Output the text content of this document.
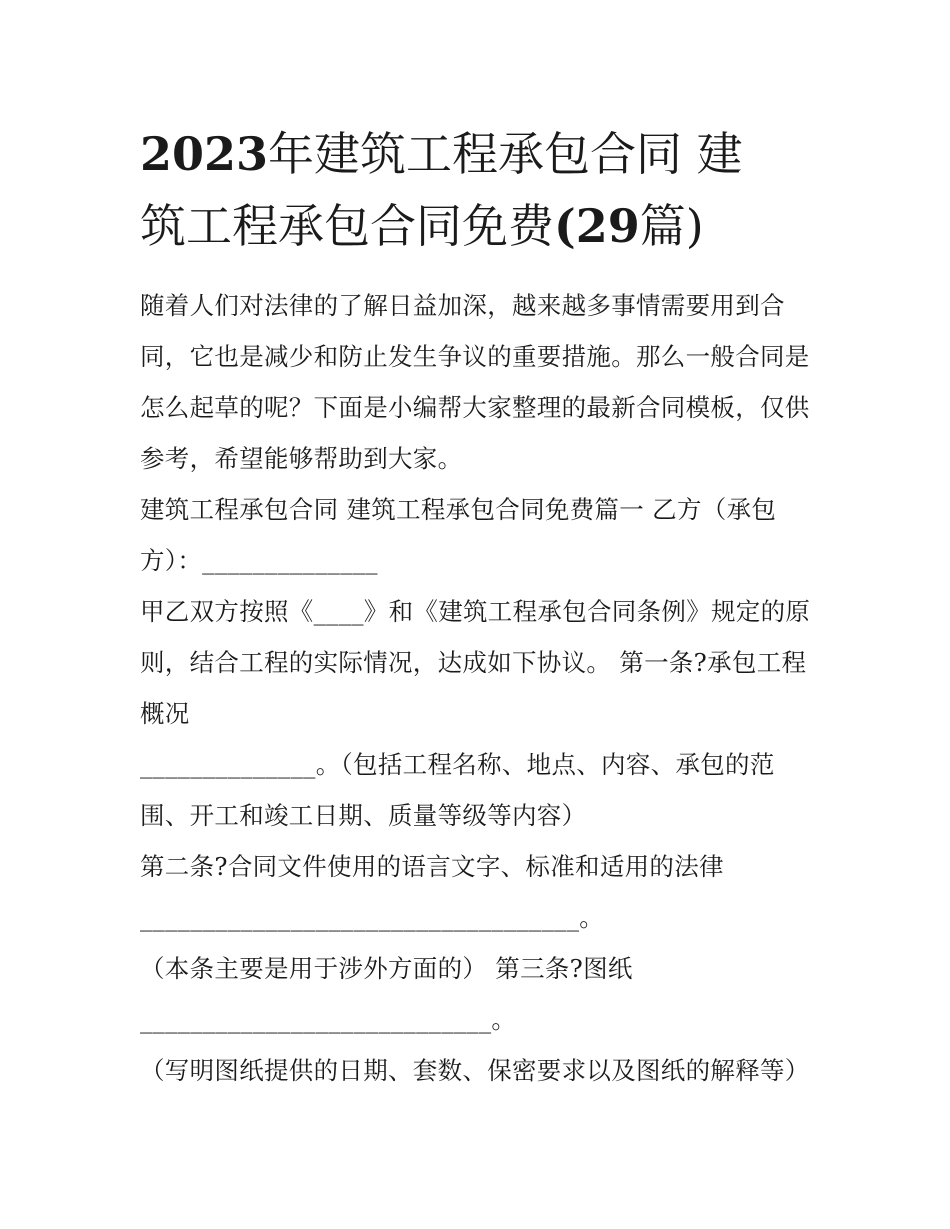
2023年建筑工程承包合同 建
筑工程承包合同免费(29篇)

随着人们对法律的了解日益加深，越来越多事情需要用到合
同，它也是减少和防止发生争议的重要措施。那么一般合同是
怎么起草的呢？下面是小编帮大家整理的最新合同模板，仅供
参考，希望能够帮助到大家。

建筑工程承包合同 建筑工程承包合同免费篇一 乙方（承包
方）：______________

甲乙双方按照《____》和《建筑工程承包合同条例》规定的原
则，结合工程的实际情况，达成如下协议。 第一条?承包工程
概况

______________。（包括工程名称、地点、内容、承包的范
围、开工和竣工日期、质量等级等内容）

第二条?合同文件使用的语言文字、标准和适用的法律
___________________________________。

（本条主要是用于涉外方面的） 第三条?图纸
____________________________。

（写明图纸提供的日期、套数、保密要求以及图纸的解释等）
